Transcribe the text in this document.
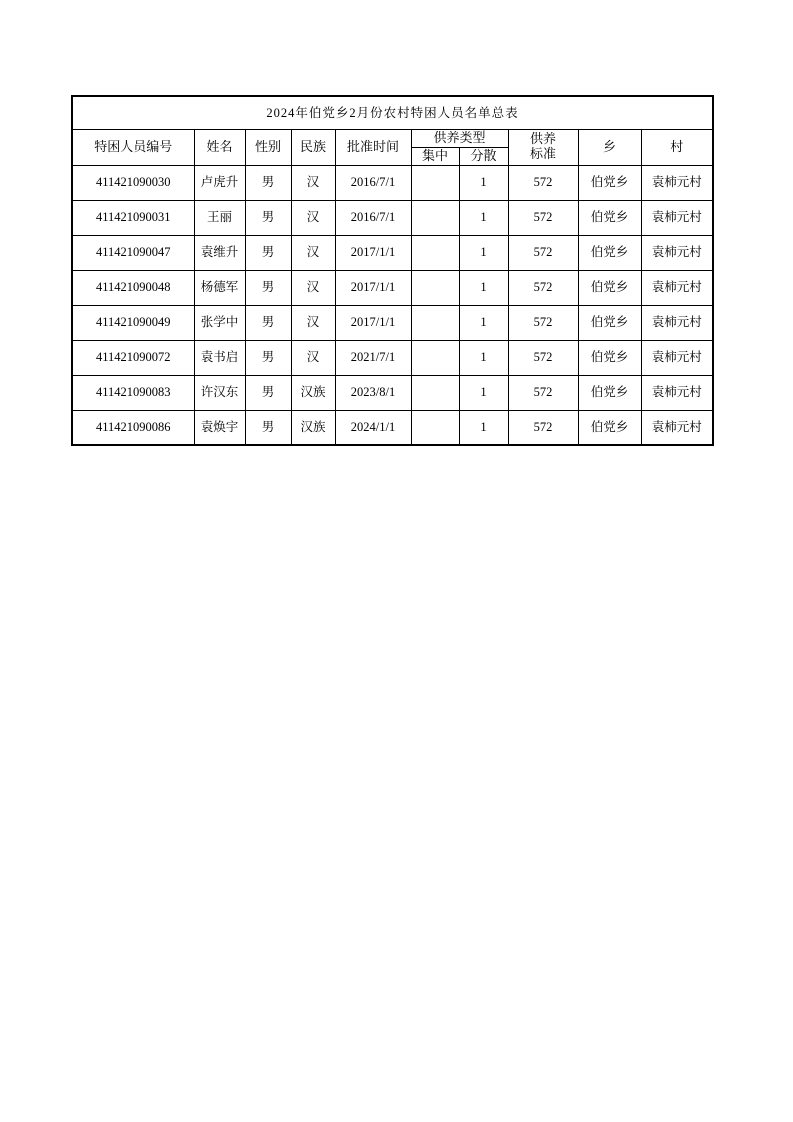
2024年伯党乡2月份农村特困人员名单总表									
特困人员编号	姓名	性别	民族	批准时间	供养类型		供养标准	乡	村
					集中	分散			
411421090030	卢虎升	男	汉	2016/7/1		1	572	伯党乡	袁柿元村
411421090031	王丽	男	汉	2016/7/1		1	572	伯党乡	袁柿元村
411421090047	袁维升	男	汉	2017/1/1		1	572	伯党乡	袁柿元村
411421090048	杨德军	男	汉	2017/1/1		1	572	伯党乡	袁柿元村
411421090049	张学中	男	汉	2017/1/1		1	572	伯党乡	袁柿元村
411421090072	袁书启	男	汉	2021/7/1		1	572	伯党乡	袁柿元村
411421090083	许汉东	男	汉族	2023/8/1		1	572	伯党乡	袁柿元村
411421090086	袁焕宇	男	汉族	2024/1/1		1	572	伯党乡	袁柿元村
